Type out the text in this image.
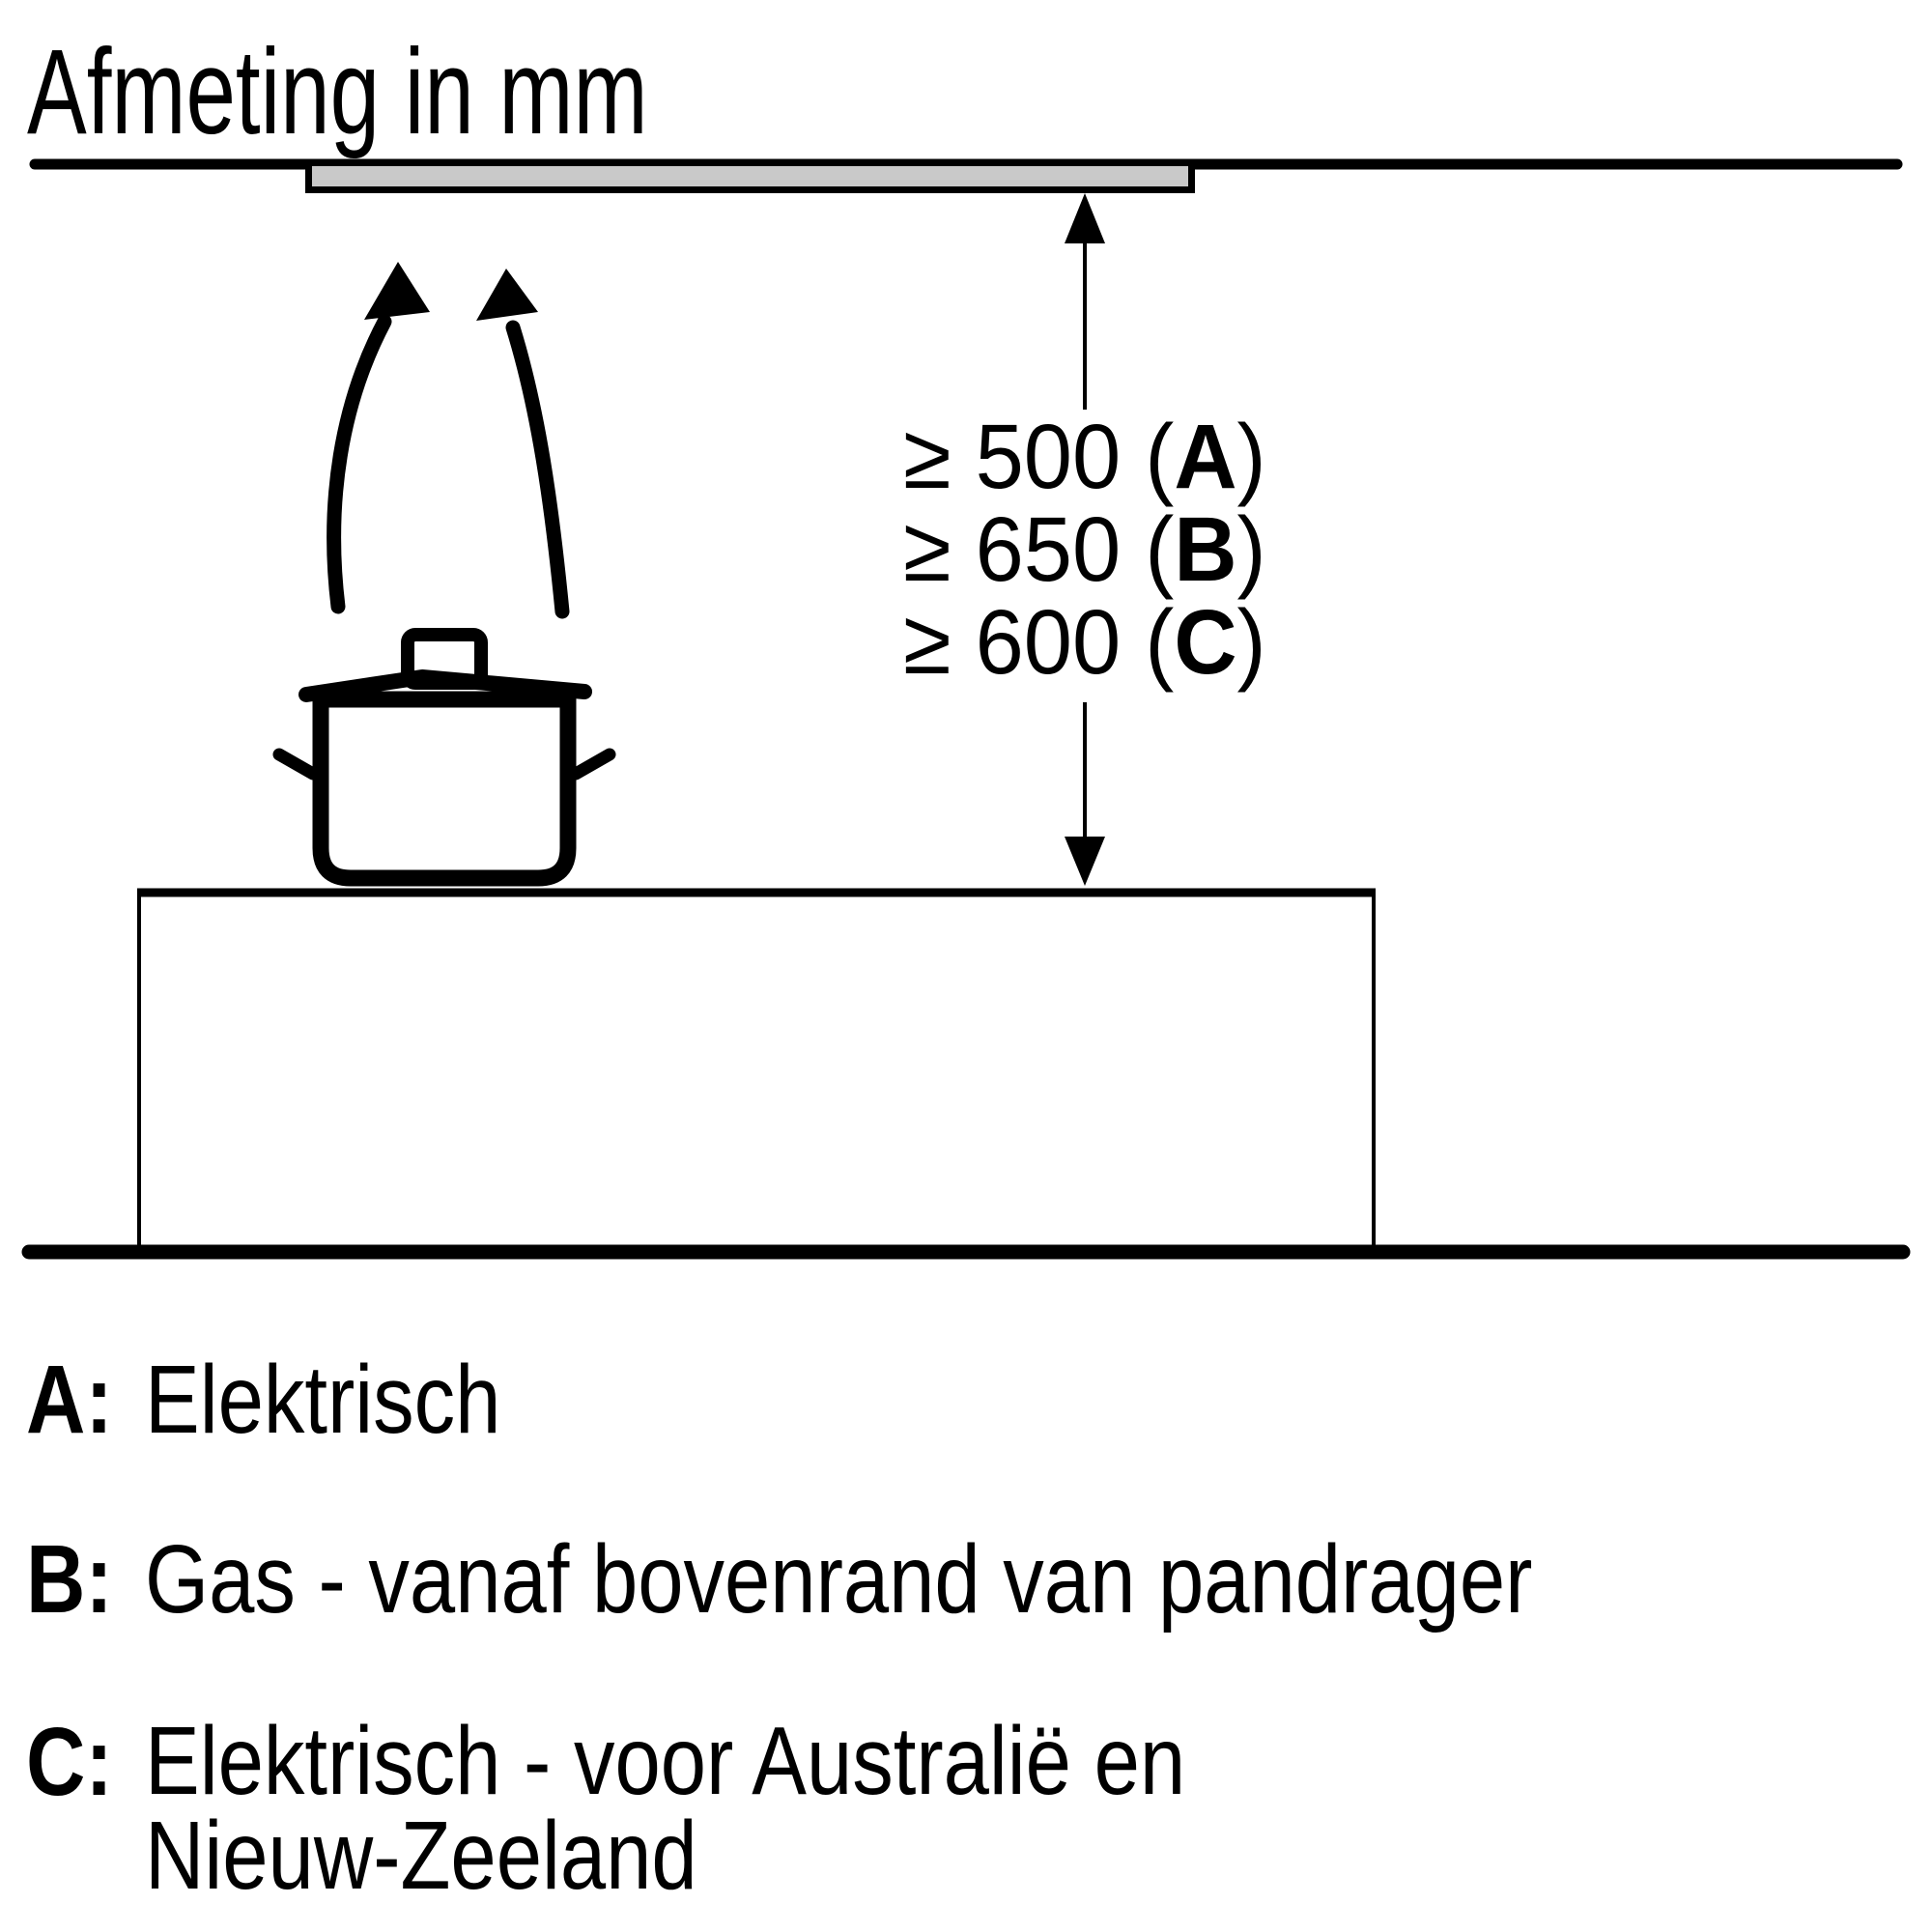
Afmeting in mm
≥ 500 (A)
≥ 650 (B)
≥ 600 (C)
A: Elektrisch
B: Gas - vanaf bovenrand van pandrager
C: Elektrisch - voor Australië en
Nieuw-Zeeland
